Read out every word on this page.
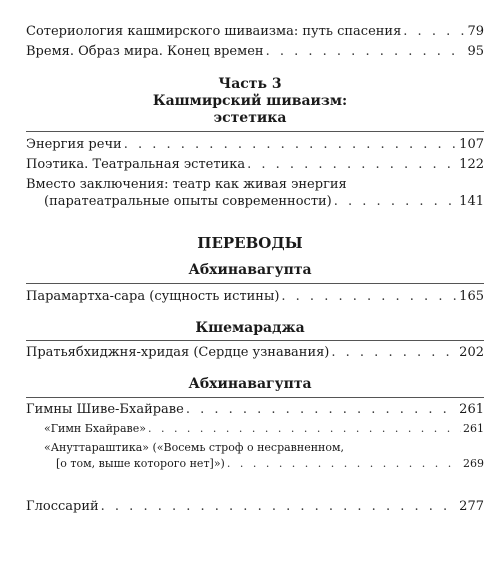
Сотериология кашмирского шиваизма: путь спасения . . .	79
Время. Образ мира. Конец времен . . .	95
Часть 3
Кашмирский шиваизм:
эстетика
Энергия речи . . .	107
Поэтика. Театральная эстетика . . .	122
Вместо заключения: театр как живая энергия
(паратеатральные опыты современности) . . .	141
ПЕРЕВОДЫ
Абхинавагупта
Парамартха-сара (сущность истины) . . .	165
Кшемараджа
Пратьябхиджня-хридая (Сердце узнавания) . . .	202
Абхинавагупта
Гимны Шиве-Бхайраве . . .	261
«Гимн Бхайраве» . . .	261
«Ануттараштика» («Восемь строф о несравненном,
[о том, выше которого нет]») . . .	269
Глоссарий . . .	277
